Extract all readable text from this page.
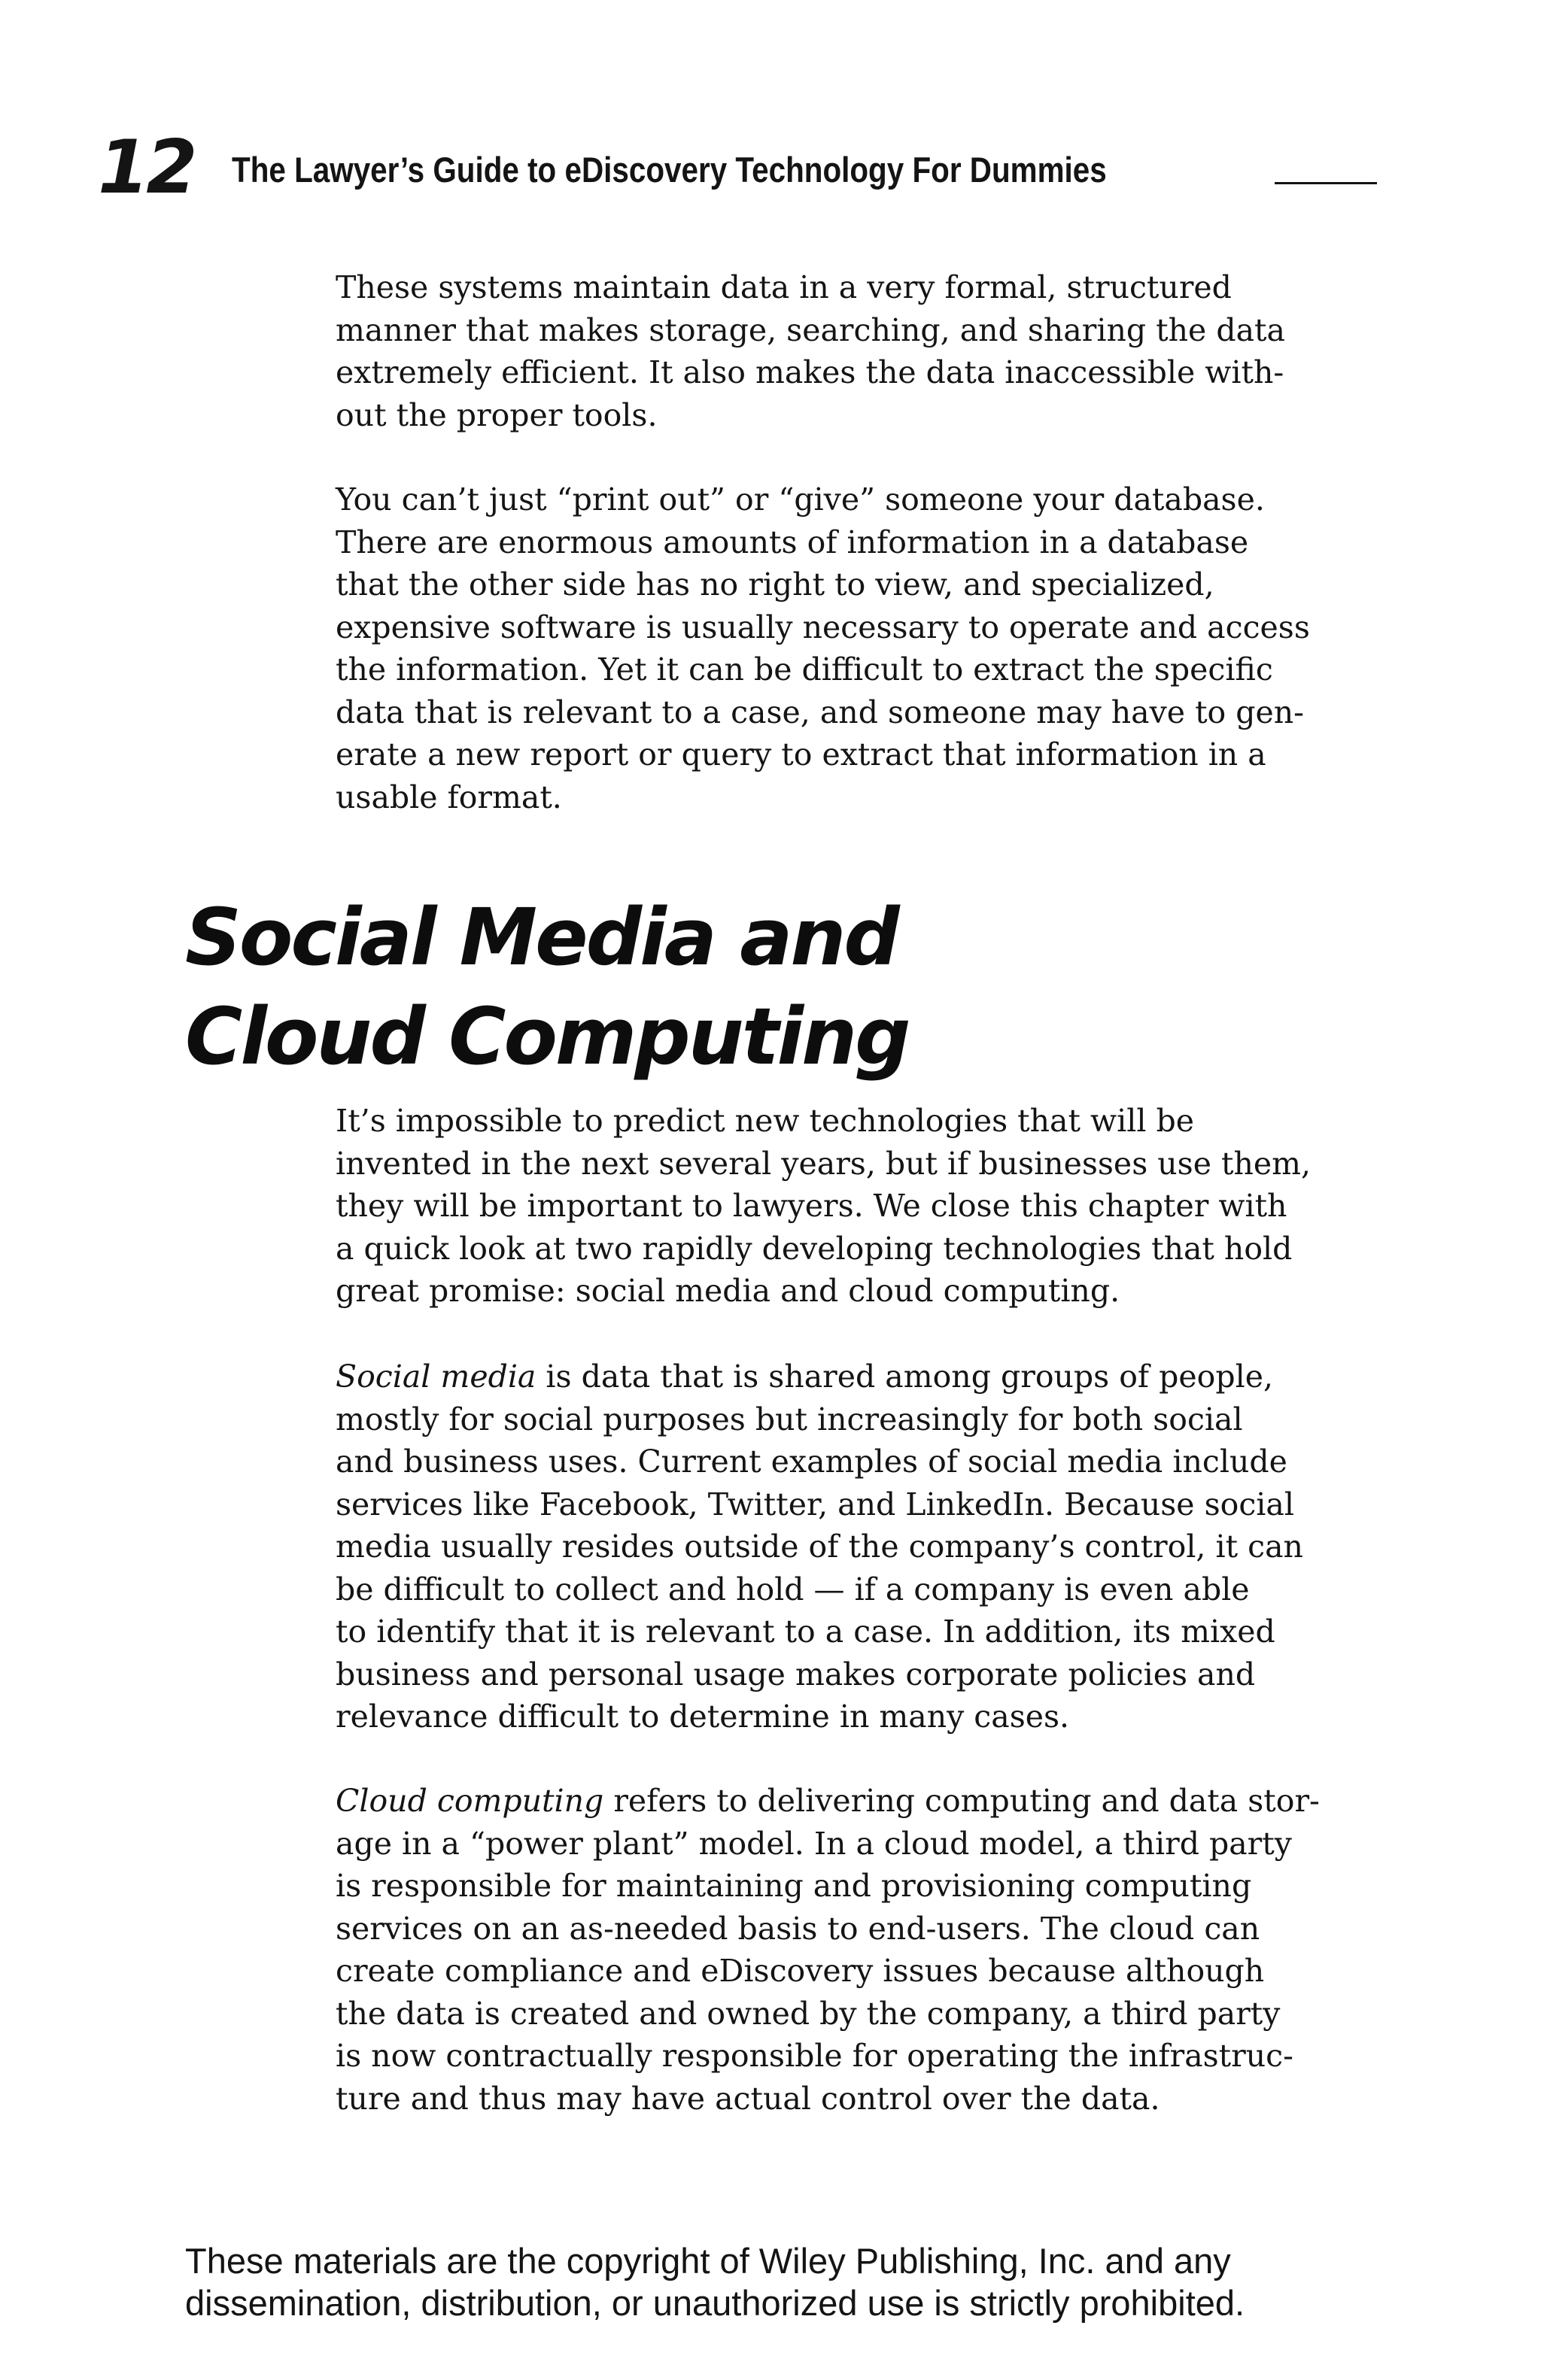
12 The Lawyer’s Guide to eDiscovery Technology For Dummies

These systems maintain data in a very formal, structured
manner that makes storage, searching, and sharing the data
extremely efficient. It also makes the data inaccessible with-
out the proper tools.

You can’t just “print out” or “give” someone your database.
There are enormous amounts of information in a database
that the other side has no right to view, and specialized,
expensive software is usually necessary to operate and access
the information. Yet it can be difficult to extract the specific
data that is relevant to a case, and someone may have to gen-
erate a new report or query to extract that information in a
usable format.

Social Media and
Cloud Computing

It’s impossible to predict new technologies that will be
invented in the next several years, but if businesses use them,
they will be important to lawyers. We close this chapter with
a quick look at two rapidly developing technologies that hold
great promise: social media and cloud computing.

Social media is data that is shared among groups of people,
mostly for social purposes but increasingly for both social
and business uses. Current examples of social media include
services like Facebook, Twitter, and LinkedIn. Because social
media usually resides outside of the company’s control, it can
be difficult to collect and hold — if a company is even able
to identify that it is relevant to a case. In addition, its mixed
business and personal usage makes corporate policies and
relevance difficult to determine in many cases.

Cloud computing refers to delivering computing and data stor-
age in a “power plant” model. In a cloud model, a third party
is responsible for maintaining and provisioning computing
services on an as-needed basis to end-users. The cloud can
create compliance and eDiscovery issues because although
the data is created and owned by the company, a third party
is now contractually responsible for operating the infrastruc-
ture and thus may have actual control over the data.

These materials are the copyright of Wiley Publishing, Inc. and any
dissemination, distribution, or unauthorized use is strictly prohibited.
